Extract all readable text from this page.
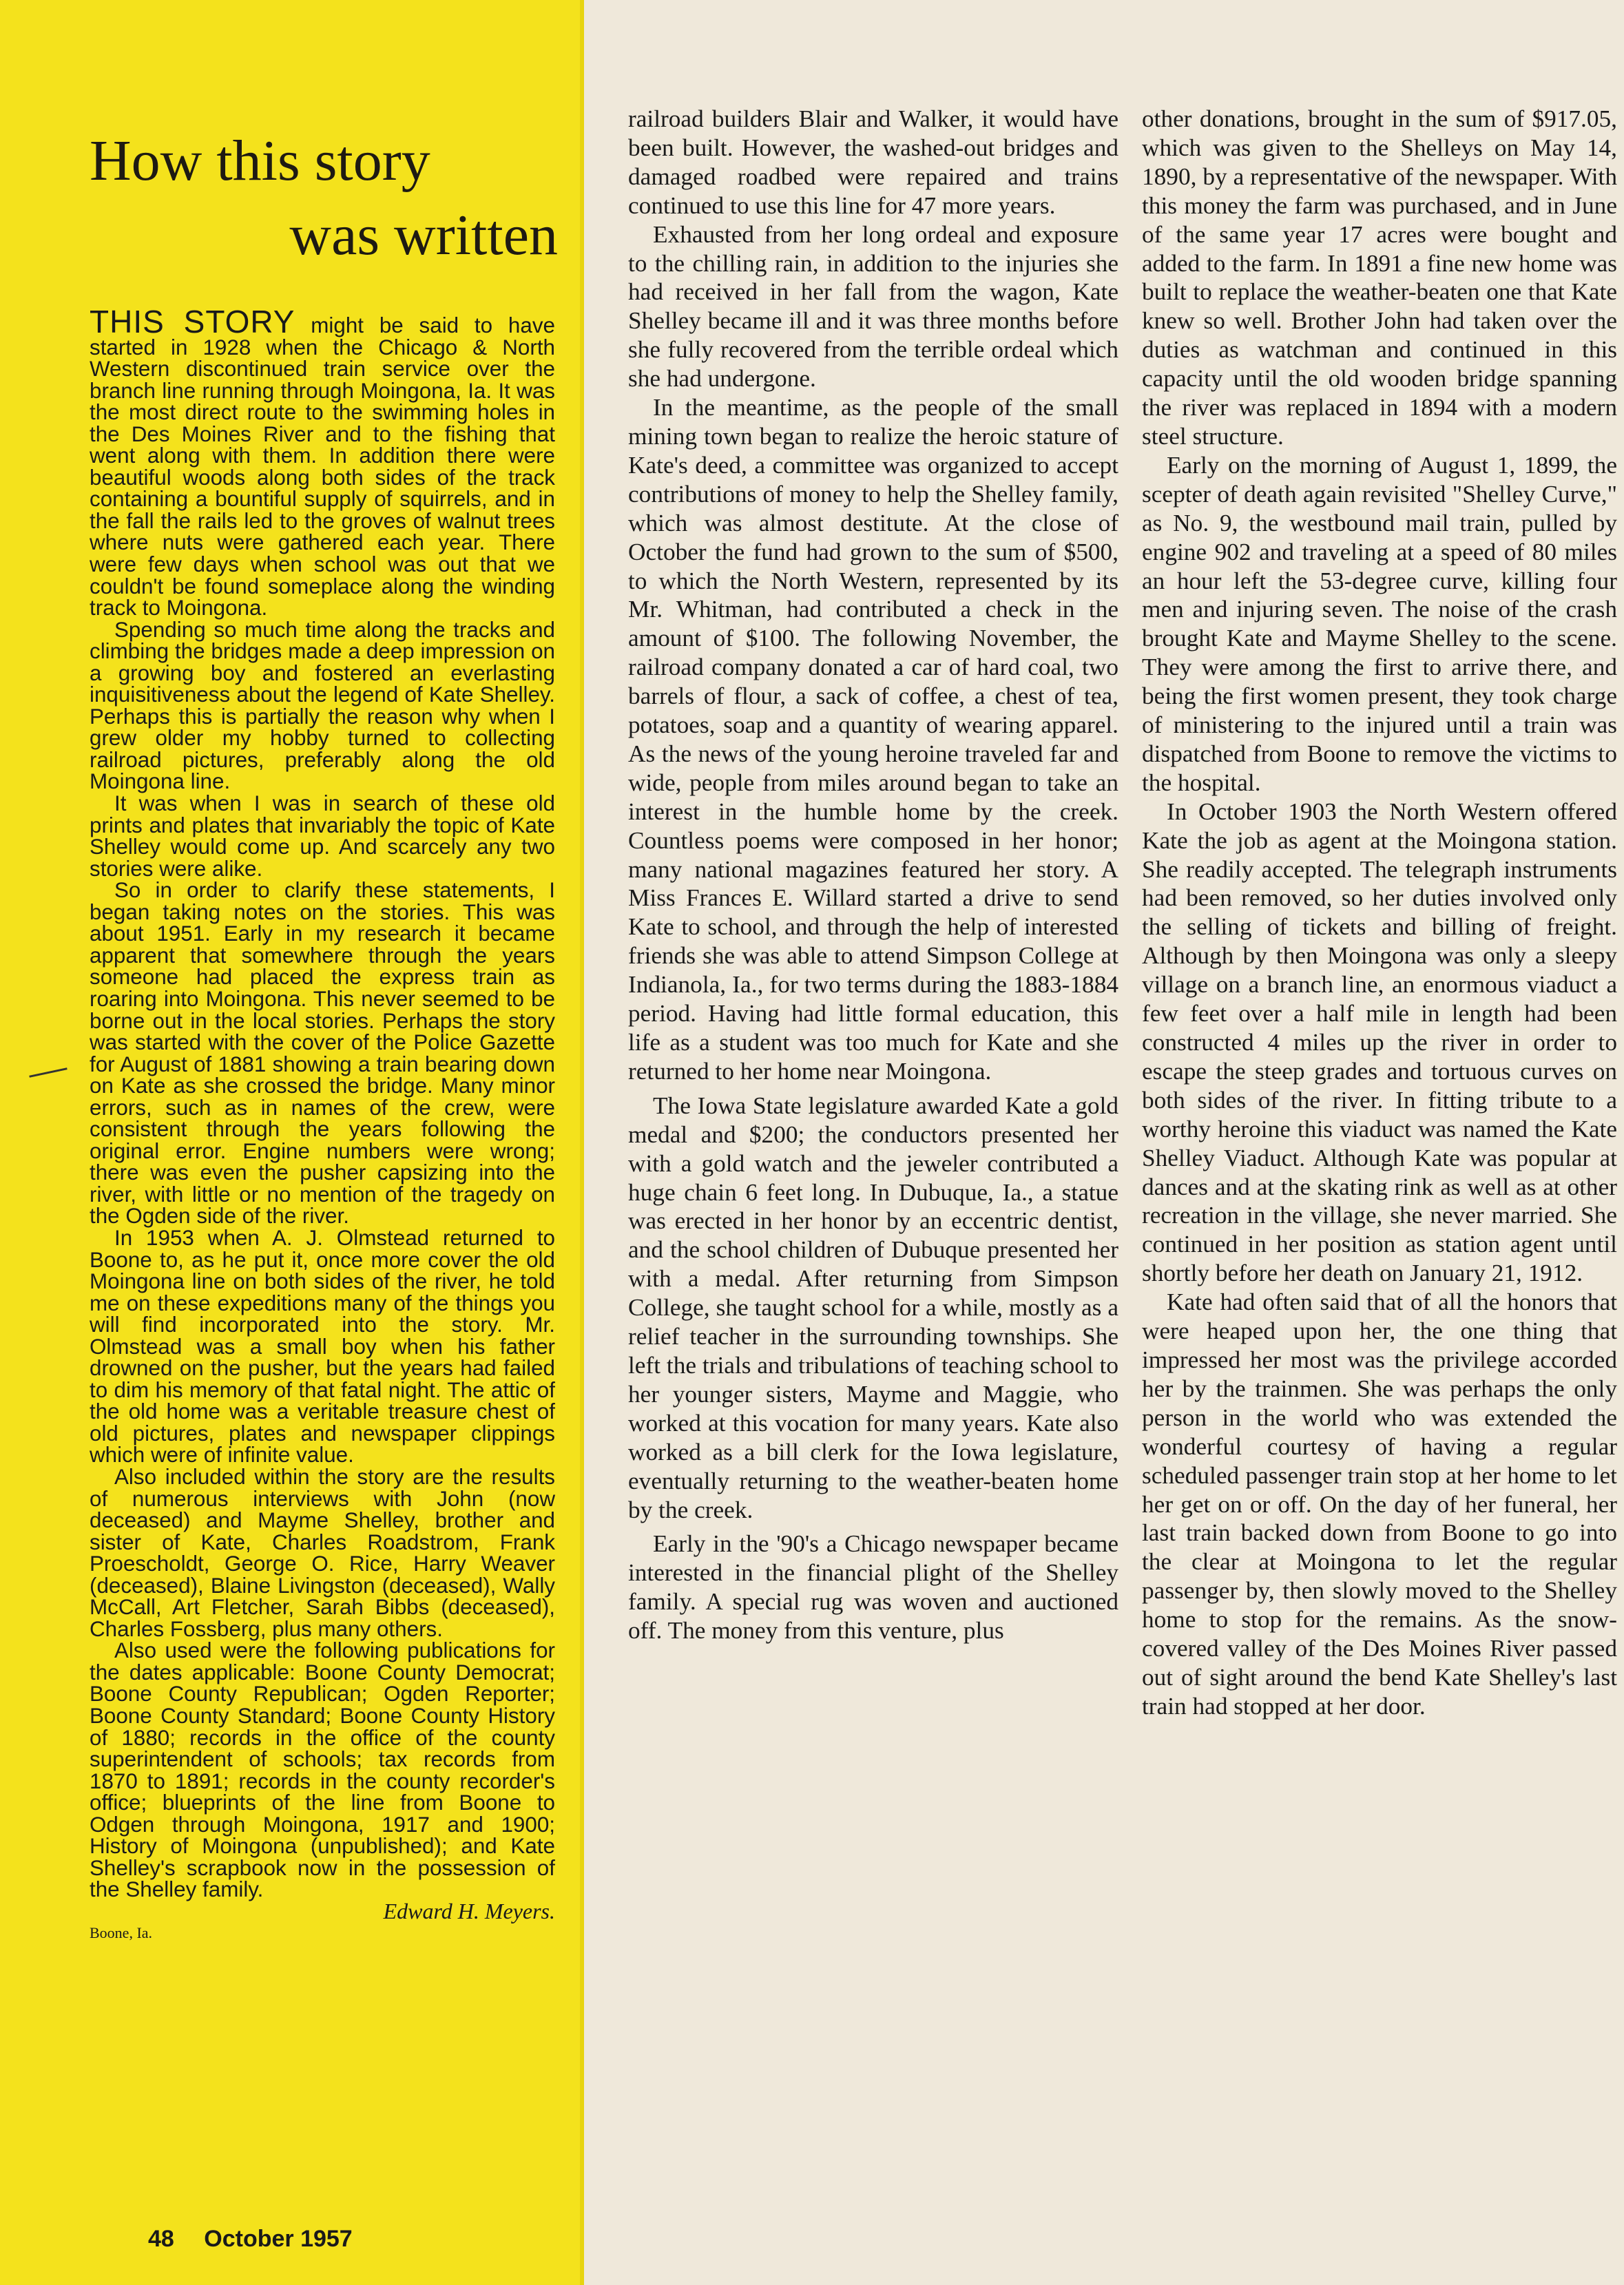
How this story
was written

THIS STORY might be said to have started in 1928 when the Chicago & North Western discontinued train service over the branch line running through Moingona, Ia. It was the most direct route to the swimming holes in the Des Moines River and to the fishing that went along with them. In addition there were beautiful woods along both sides of the track containing a bountiful supply of squirrels, and in the fall the rails led to the groves of walnut trees where nuts were gathered each year. There were few days when school was out that we couldn't be found someplace along the winding track to Moingona.

Spending so much time along the tracks and climbing the bridges made a deep impression on a growing boy and fostered an everlasting inquisitiveness about the legend of Kate Shelley. Perhaps this is partially the reason why when I grew older my hobby turned to collecting railroad pictures, preferably along the old Moingona line.

It was when I was in search of these old prints and plates that invariably the topic of Kate Shelley would come up. And scarcely any two stories were alike.

So in order to clarify these statements, I began taking notes on the stories. This was about 1951. Early in my research it became apparent that somewhere through the years someone had placed the express train as roaring into Moingona. This never seemed to be borne out in the local stories. Perhaps the story was started with the cover of the Police Gazette for August of 1881 showing a train bearing down on Kate as she crossed the bridge. Many minor errors, such as in names of the crew, were consistent through the years following the original error. Engine numbers were wrong; there was even the pusher capsizing into the river, with little or no mention of the tragedy on the Ogden side of the river.

In 1953 when A. J. Olmstead returned to Boone to, as he put it, once more cover the old Moingona line on both sides of the river, he told me on these expeditions many of the things you will find incorporated into the story. Mr. Olmstead was a small boy when his father drowned on the pusher, but the years had failed to dim his memory of that fatal night. The attic of the old home was a veritable treasure chest of old pictures, plates and newspaper clippings which were of infinite value.

Also included within the story are the results of numerous interviews with John (now deceased) and Mayme Shelley, brother and sister of Kate, Charles Roadstrom, Frank Proescholdt, George O. Rice, Harry Weaver (deceased), Blaine Livingston (deceased), Wally McCall, Art Fletcher, Sarah Bibbs (deceased), Charles Fossberg, plus many others.

Also used were the following publications for the dates applicable: Boone County Democrat; Boone County Republican; Ogden Reporter; Boone County Standard; Boone County History of 1880; records in the office of the county superintendent of schools; tax records from 1870 to 1891; records in the county recorder's office; blueprints of the line from Boone to Odgen through Moingona, 1917 and 1900; History of Moingona (unpublished); and Kate Shelley's scrapbook now in the possession of the Shelley family.

Edward H. Meyers.

Boone, Ia.

railroad builders Blair and Walker, it would have been built. However, the washed-out bridges and damaged roadbed were repaired and trains continued to use this line for 47 more years.

Exhausted from her long ordeal and exposure to the chilling rain, in addition to the injuries she had received in her fall from the wagon, Kate Shelley became ill and it was three months before she fully recovered from the terrible ordeal which she had undergone.

In the meantime, as the people of the small mining town began to realize the heroic stature of Kate's deed, a committee was organized to accept contributions of money to help the Shelley family, which was almost destitute. At the close of October the fund had grown to the sum of $500, to which the North Western, represented by its Mr. Whitman, had contributed a check in the amount of $100. The following November, the railroad company donated a car of hard coal, two barrels of flour, a sack of coffee, a chest of tea, potatoes, soap and a quantity of wearing apparel. As the news of the young heroine traveled far and wide, people from miles around began to take an interest in the humble home by the creek. Countless poems were composed in her honor; many national magazines featured her story. A Miss Frances E. Willard started a drive to send Kate to school, and through the help of interested friends she was able to attend Simpson College at Indianola, Ia., for two terms during the 1883-1884 period. Having had little formal education, this life as a student was too much for Kate and she returned to her home near Moingona.

The Iowa State legislature awarded Kate a gold medal and $200; the conductors presented her with a gold watch and the jeweler contributed a huge chain 6 feet long. In Dubuque, Ia., a statue was erected in her honor by an eccentric dentist, and the school children of Dubuque presented her with a medal. After returning from Simpson College, she taught school for a while, mostly as a relief teacher in the surrounding townships. She left the trials and tribulations of teaching school to her younger sisters, Mayme and Maggie, who worked at this vocation for many years. Kate also worked as a bill clerk for the Iowa legislature, eventually returning to the weather-beaten home by the creek.

Early in the '90's a Chicago newspaper became interested in the financial plight of the Shelley family. A special rug was woven and auctioned off. The money from this venture, plus

other donations, brought in the sum of $917.05, which was given to the Shelleys on May 14, 1890, by a representative of the newspaper. With this money the farm was purchased, and in June of the same year 17 acres were bought and added to the farm. In 1891 a fine new home was built to replace the weather-beaten one that Kate knew so well. Brother John had taken over the duties as watchman and continued in this capacity until the old wooden bridge spanning the river was replaced in 1894 with a modern steel structure.

Early on the morning of August 1, 1899, the scepter of death again revisited "Shelley Curve," as No. 9, the westbound mail train, pulled by engine 902 and traveling at a speed of 80 miles an hour left the 53-degree curve, killing four men and injuring seven. The noise of the crash brought Kate and Mayme Shelley to the scene. They were among the first to arrive there, and being the first women present, they took charge of ministering to the injured until a train was dispatched from Boone to remove the victims to the hospital.

In October 1903 the North Western offered Kate the job as agent at the Moingona station. She readily accepted. The telegraph instruments had been removed, so her duties involved only the selling of tickets and billing of freight. Although by then Moingona was only a sleepy village on a branch line, an enormous viaduct a few feet over a half mile in length had been constructed 4 miles up the river in order to escape the steep grades and tortuous curves on both sides of the river. In fitting tribute to a worthy heroine this viaduct was named the Kate Shelley Viaduct. Although Kate was popular at dances and at the skating rink as well as at other recreation in the village, she never married. She continued in her position as station agent until shortly before her death on January 21, 1912.

Kate had often said that of all the honors that were heaped upon her, the one thing that impressed her most was the privilege accorded her by the trainmen. She was perhaps the only person in the world who was extended the wonderful courtesy of having a regular scheduled passenger train stop at her home to let her get on or off. On the day of her funeral, her last train backed down from Boone to go into the clear at Moingona to let the regular passenger by, then slowly moved to the Shelley home to stop for the remains. As the snow-covered valley of the Des Moines River passed out of sight around the bend Kate Shelley's last train had stopped at her door.

48 October 1957
